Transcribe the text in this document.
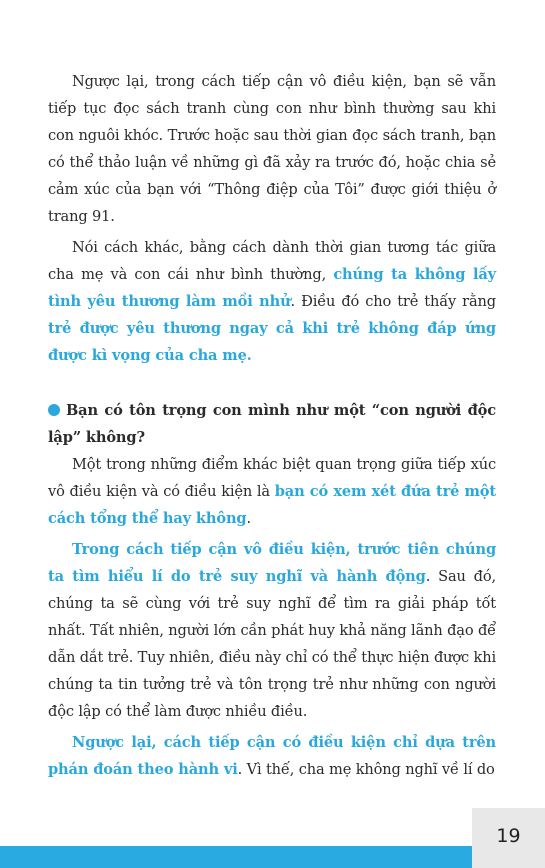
Ngược lại, trong cách tiếp cận vô điều kiện, bạn sẽ vẫn tiếp tục đọc sách tranh cùng con như bình thường sau khi con nguôi khóc. Trước hoặc sau thời gian đọc sách tranh, bạn có thể thảo luận về những gì đã xảy ra trước đó, hoặc chia sẻ cảm xúc của bạn với “Thông điệp của Tôi” được giới thiệu ở trang 91.

Nói cách khác, bằng cách dành thời gian tương tác giữa cha mẹ và con cái như bình thường, chúng ta không lấy tình yêu thương làm mồi nhử. Điều đó cho trẻ thấy rằng trẻ được yêu thương ngay cả khi trẻ không đáp ứng được kì vọng của cha mẹ.

Bạn có tôn trọng con mình như một “con người độc lập” không?

Một trong những điểm khác biệt quan trọng giữa tiếp xúc vô điều kiện và có điều kiện là bạn có xem xét đứa trẻ một cách tổng thể hay không.

Trong cách tiếp cận vô điều kiện, trước tiên chúng ta tìm hiểu lí do trẻ suy nghĩ và hành động. Sau đó, chúng ta sẽ cùng với trẻ suy nghĩ để tìm ra giải pháp tốt nhất. Tất nhiên, người lớn cần phát huy khả năng lãnh đạo để dẫn dắt trẻ. Tuy nhiên, điều này chỉ có thể thực hiện được khi chúng ta tin tưởng trẻ và tôn trọng trẻ như những con người độc lập có thể làm được nhiều điều.

Ngược lại, cách tiếp cận có điều kiện chỉ dựa trên phán đoán theo hành vi. Vì thế, cha mẹ không nghĩ về lí do

19
